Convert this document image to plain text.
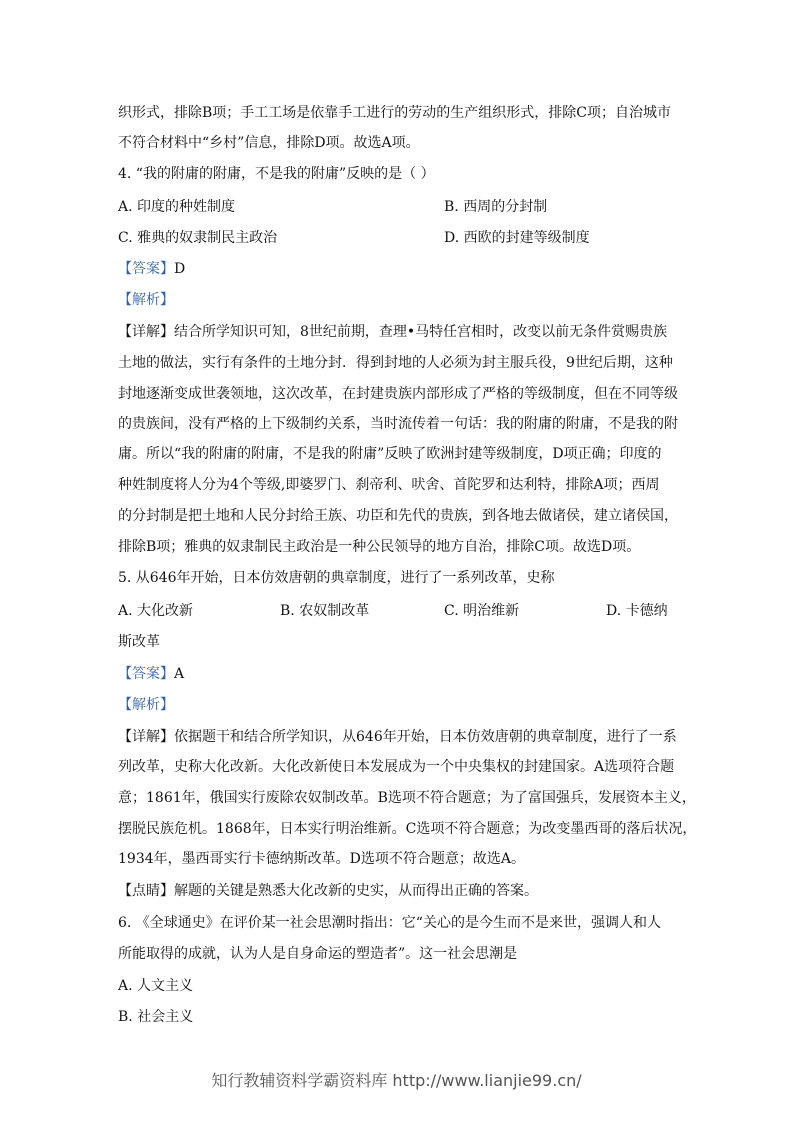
织形式，排除B项；手工工场是依靠手工进行的劳动的生产组织形式，排除C项；自治城市
不符合材料中“乡村”信息，排除D项。故选A项。
4. “我的附庸的附庸，不是我的附庸”反映的是（ ）
A. 印度的种姓制度	B. 西周的分封制
C. 雅典的奴隶制民主政治	D. 西欧的封建等级制度
【答案】D
【解析】
【详解】结合所学知识可知，8世纪前期，查理•马特任宫相时，改变以前无条件赏赐贵族
土地的做法，实行有条件的土地分封．得到封地的人必须为封主服兵役，9世纪后期，这种
封地逐渐变成世袭领地，这次改革，在封建贵族内部形成了严格的等级制度，但在不同等级
的贵族间，没有严格的上下级制约关系，当时流传着一句话：我的附庸的附庸，不是我的附
庸。所以“我的附庸的附庸，不是我的附庸”反映了欧洲封建等级制度，D项正确；印度的
种姓制度将人分为4个等级,即婆罗门、刹帝利、吠舍、首陀罗和达利特，排除A项；西周
的分封制是把土地和人民分封给王族、功臣和先代的贵族，到各地去做诸侯，建立诸侯国，
排除B项；雅典的奴隶制民主政治是一种公民领导的地方自治，排除C项。故选D项。
5. 从646年开始，日本仿效唐朝的典章制度，进行了一系列改革，史称
A. 大化改新	B. 农奴制改革	C. 明治维新	D. 卡德纳
斯改革
【答案】A
【解析】
【详解】依据题干和结合所学知识，从646年开始，日本仿效唐朝的典章制度，进行了一系
列改革，史称大化改新。大化改新使日本发展成为一个中央集权的封建国家。A选项符合题
意；1861年，俄国实行废除农奴制改革。B选项不符合题意；为了富国强兵，发展资本主义，
摆脱民族危机。1868年，日本实行明治维新。C选项不符合题意；为改变墨西哥的落后状况，
1934年，墨西哥实行卡德纳斯改革。D选项不符合题意；故选A。
【点睛】解题的关键是熟悉大化改新的史实，从而得出正确的答案。
6. 《全球通史》在评价某一社会思潮时指出：它“关心的是今生而不是来世，强调人和人
所能取得的成就，认为人是自身命运的塑造者”。这一社会思潮是
A. 人文主义
B. 社会主义
知行教辅资料学霸资料库 http://www.lianjie99.cn/
